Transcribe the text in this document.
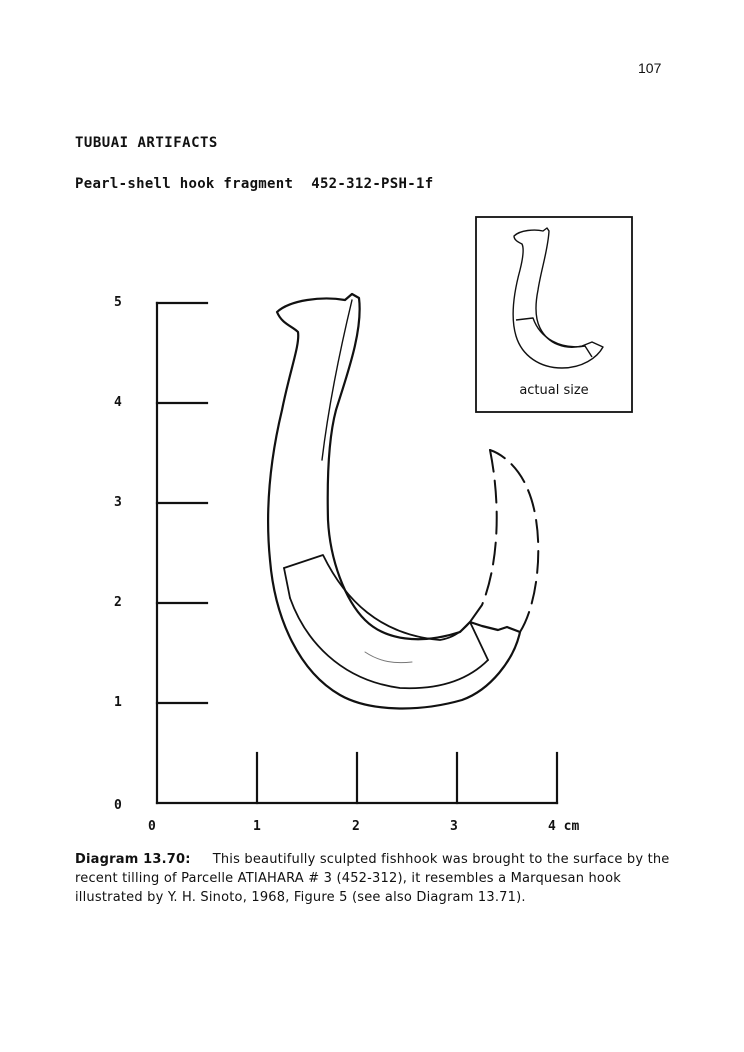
107
TUBUAI ARTIFACTS
Pearl-shell hook fragment 452-312-PSH-1f
5
4
3
2
1
0
0	1	2	3	4 cm
actual size
Diagram 13.70: This beautifully sculpted fishhook was brought to the surface by the recent tilling of Parcelle ATIAHARA # 3 (452-312), it resembles a Marquesan hook illustrated by Y. H. Sinoto, 1968, Figure 5 (see also Diagram 13.71).
